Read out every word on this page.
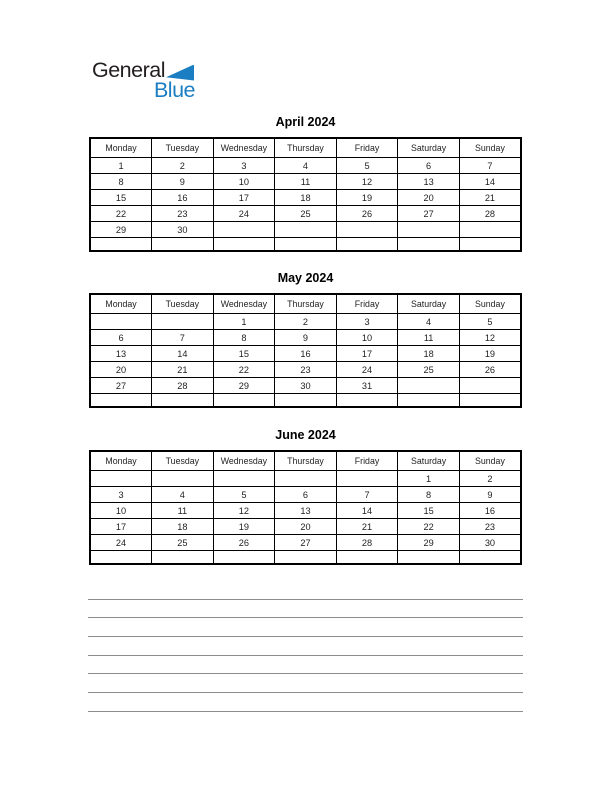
General
Blue
April 2024
Monday	Tuesday	Wednesday	Thursday	Friday	Saturday	Sunday
1	2	3	4	5	6	7
8	9	10	11	12	13	14
15	16	17	18	19	20	21
22	23	24	25	26	27	28
29	30					

May 2024
Monday	Tuesday	Wednesday	Thursday	Friday	Saturday	Sunday
		1	2	3	4	5
6	7	8	9	10	11	12
13	14	15	16	17	18	19
20	21	22	23	24	25	26
27	28	29	30	31		

June 2024
Monday	Tuesday	Wednesday	Thursday	Friday	Saturday	Sunday
					1	2
3	4	5	6	7	8	9
10	11	12	13	14	15	16
17	18	19	20	21	22	23
24	25	26	27	28	29	30
